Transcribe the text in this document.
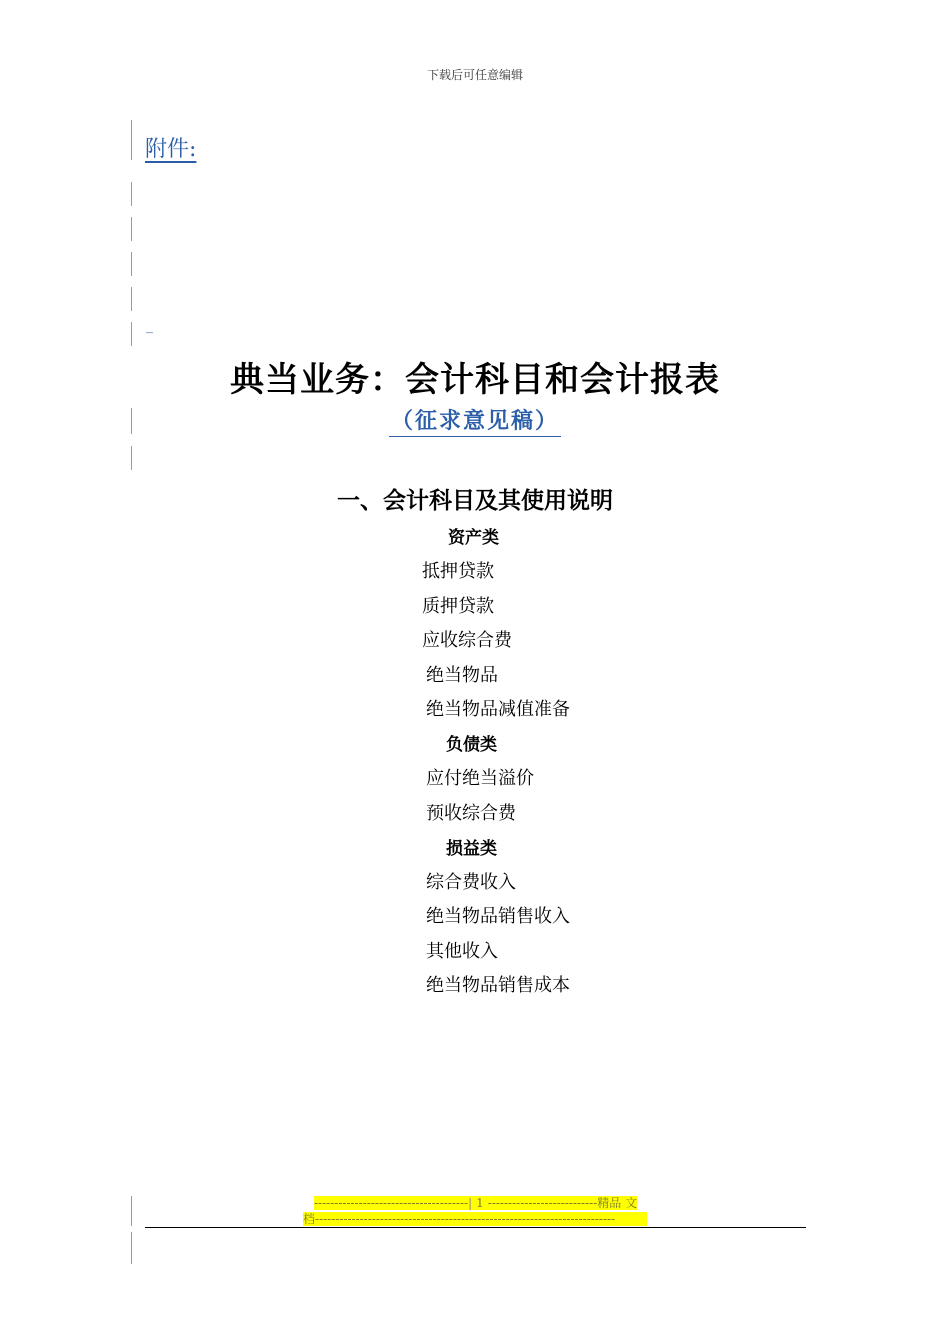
下载后可任意编辑
附件:
_
典当业务：会计科目和会计报表
（征求意见稿）
一、会计科目及其使用说明
资产类
抵押贷款
质押贷款
应收综合费
绝当物品
绝当物品减值准备
负债类
应付绝当溢价
预收综合费
损益类
综合费收入
绝当物品销售收入
其他收入
绝当物品销售成本
--------------------------------------| 1 ---------------------------精品 文
档--------------------------------------------------------------------------
